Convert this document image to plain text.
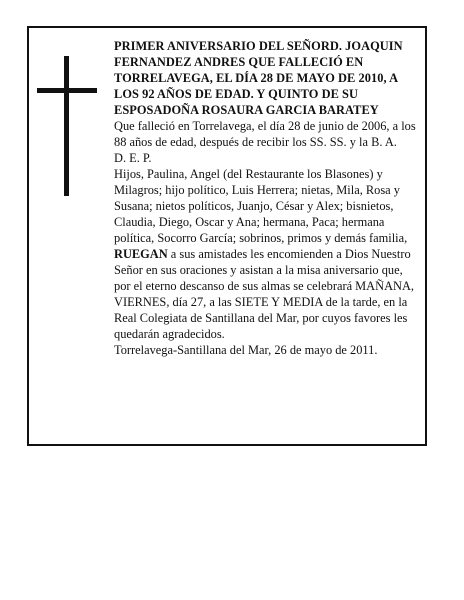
PRIMER ANIVERSARIO DEL SEÑORD. JOAQUIN FERNANDEZ ANDRES QUE FALLECIÓ EN TORRELAVEGA, EL DÍA 28 DE MAYO DE 2010, A LOS 92 AÑOS DE EDAD. Y QUINTO DE SU ESPOSADOÑA ROSAURA GARCIA BARATEY

Que falleció en Torrelavega, el día 28 de junio de 2006, a los 88 años de edad, después de recibir los SS. SS. y la B. A.

D. E. P.

Hijos, Paulina, Angel (del Restaurante los Blasones) y Milagros; hijo político, Luis Herrera; nietas, Mila, Rosa y Susana; nietos políticos, Juanjo, César y Alex; bisnietos, Claudia, Diego, Oscar y Ana; hermana, Paca; hermana política, Socorro García; sobrinos, primos y demás familia,

RUEGAN a sus amistades les encomienden a Dios Nuestro Señor en sus oraciones y asistan a la misa aniversario que, por el eterno descanso de sus almas se celebrará MAÑANA, VIERNES, día 27, a las SIETE Y MEDIA de la tarde, en la Real Colegiata de Santillana del Mar, por cuyos favores les quedarán agradecidos.

Torrelavega-Santillana del Mar, 26 de mayo de 2011.
